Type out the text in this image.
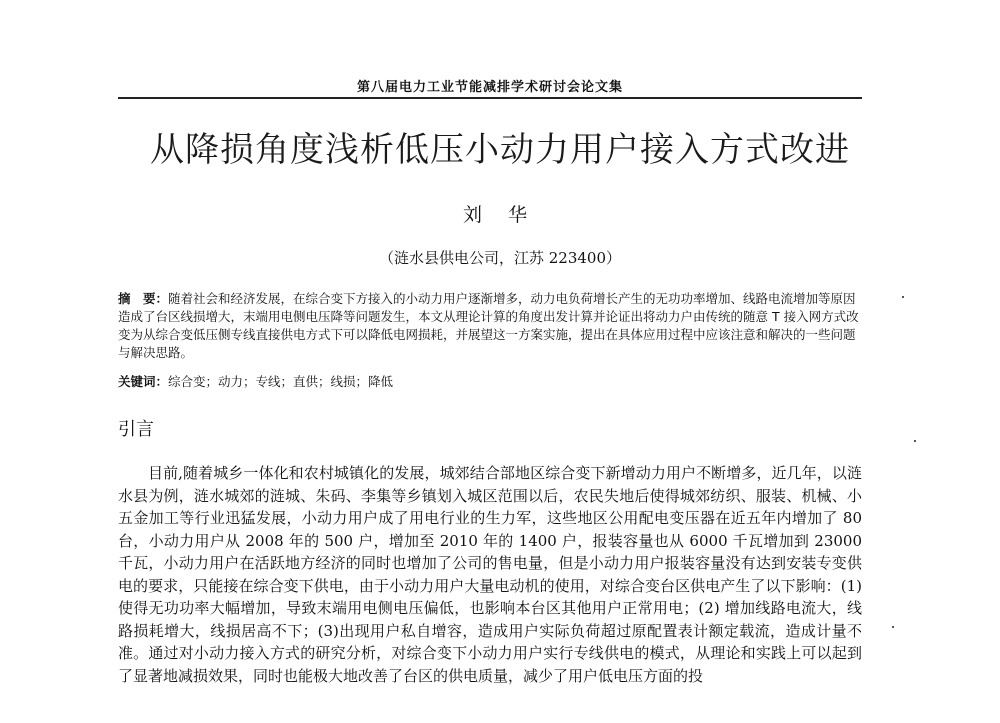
第八届电力工业节能减排学术研讨会论文集
从降损角度浅析低压小动力用户接入方式改进
刘 华
（涟水县供电公司，江苏 223400）
摘　要：随着社会和经济发展，在综合变下方接入的小动力用户逐渐增多，动力电负荷增长产生的无功功率增加、线路电流增加等原因造成了台区线损增大，末端用电侧电压降等问题发生，本文从理论计算的角度出发计算并论证出将动力户由传统的随意 T 接入网方式改变为从综合变低压侧专线直接供电方式下可以降低电网损耗，并展望这一方案实施，提出在具体应用过程中应该注意和解决的一些问题与解决思路。
关键词：综合变；动力；专线；直供；线损；降低
引言
目前,随着城乡一体化和农村城镇化的发展，城郊结合部地区综合变下新增动力用户不断增多，近几年，以涟水县为例，涟水城郊的涟城、朱码、李集等乡镇划入城区范围以后，农民失地后使得城郊纺织、服装、机械、小五金加工等行业迅猛发展，小动力用户成了用电行业的生力军，这些地区公用配电变压器在近五年内增加了 80 台，小动力用户从 2008 年的 500 户，增加至 2010 年的 1400 户，报装容量也从 6000 千瓦增加到 23000 千瓦，小动力用户在活跃地方经济的同时也增加了公司的售电量，但是小动力用户报装容量没有达到安装专变供电的要求，只能接在综合变下供电，由于小动力用户大量电动机的使用，对综合变台区供电产生了以下影响：(1) 使得无功功率大幅增加，导致末端用电侧电压偏低，也影响本台区其他用户正常用电；(2) 增加线路电流大，线路损耗增大，线损居高不下；(3)出现用户私自增容，造成用户实际负荷超过原配置表计额定载流，造成计量不准。通过对小动力接入方式的研究分析，对综合变下小动力用户实行专线供电的模式，从理论和实践上可以起到了显著地减损效果，同时也能极大地改善了台区的供电质量，减少了用户低电压方面的投
